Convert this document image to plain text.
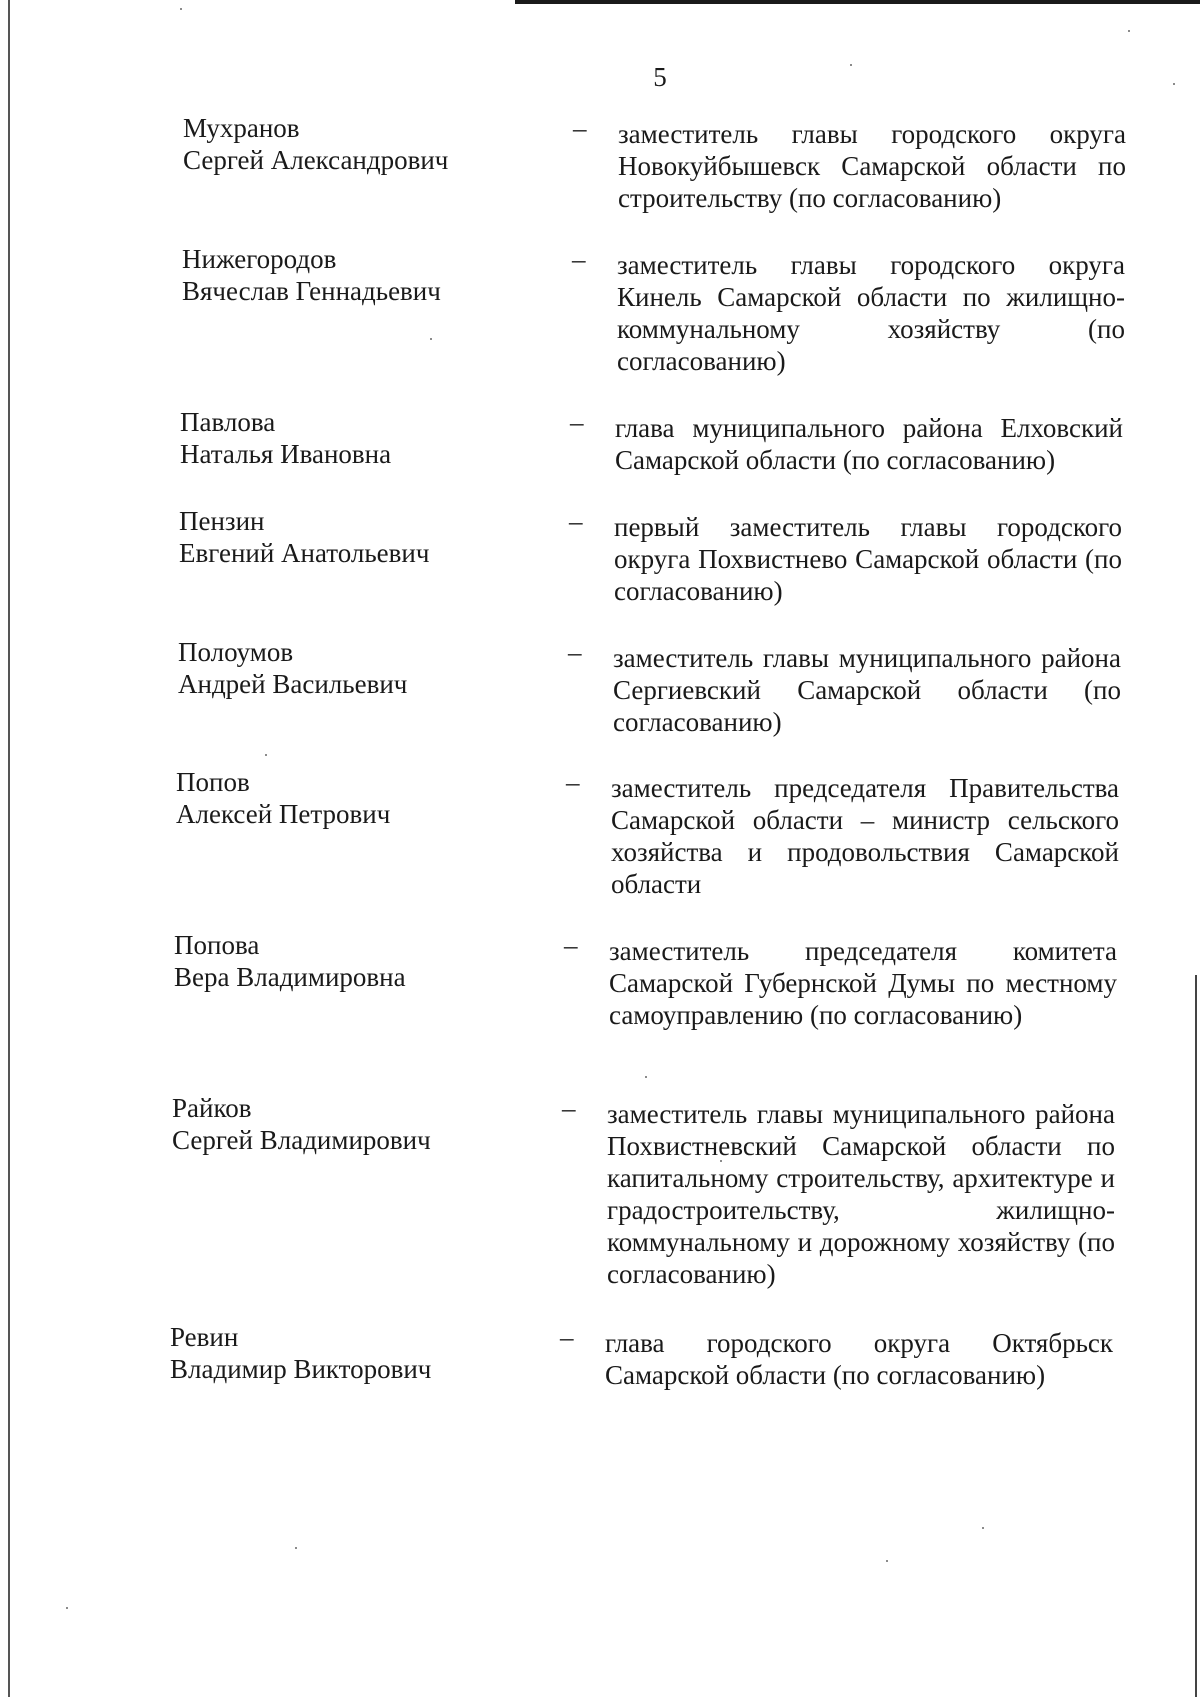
5
Мухранов
Сергей Александрович
– заместитель главы городского округа Новокуйбышевск Самарской области по строительству (по согласованию)
Нижегородов
Вячеслав Геннадьевич
– заместитель главы городского округа Кинель Самарской области по жилищно-коммунальному хозяйству (по согласованию)
Павлова
Наталья Ивановна
– глава муниципального района Елховский Самарской области (по согласованию)
Пензин
Евгений Анатольевич
– первый заместитель главы городского округа Похвистнево Самарской области (по согласованию)
Полоумов
Андрей Васильевич
– заместитель главы муниципального района Сергиевский Самарской области (по согласованию)
Попов
Алексей Петрович
– заместитель председателя Правительства Самарской области – министр сельского хозяйства и продовольствия Самарской области
Попова
Вера Владимировна
– заместитель председателя комитета Самарской Губернской Думы по местному самоуправлению (по согласованию)
Райков
Сергей Владимирович
– заместитель главы муниципального района Похвистневский Самарской области по капитальному строительству, архитектуре и градостроительству, жилищно-коммунальному и дорожному хозяйству (по согласованию)
Ревин
Владимир Викторович
– глава городского округа Октябрьск Самарской области (по согласованию)
